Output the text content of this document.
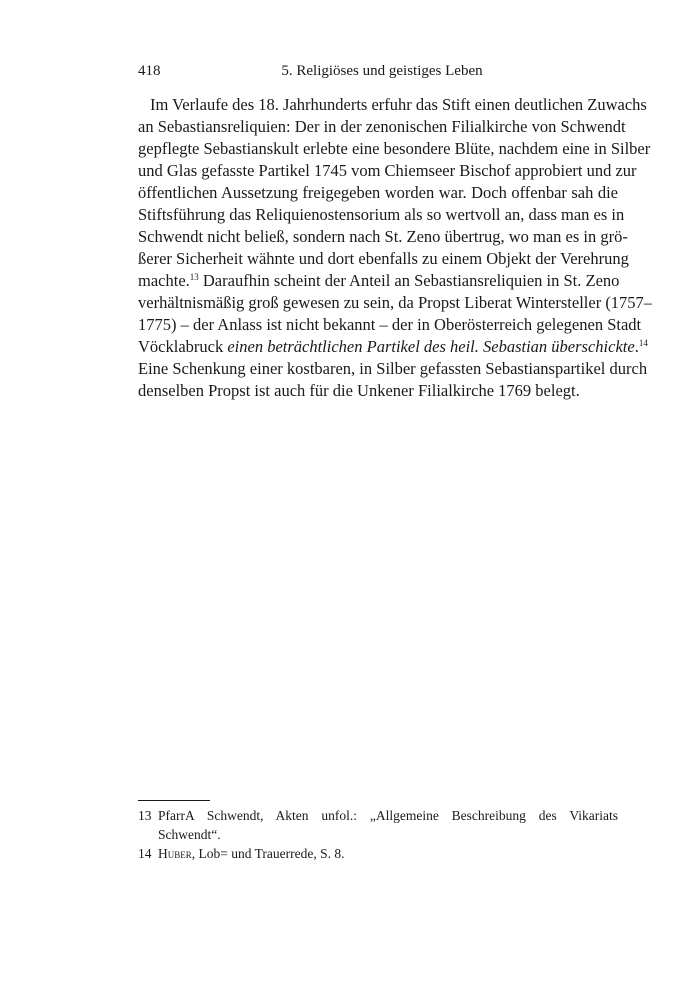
418	5. Religiöses und geistiges Leben
Im Verlaufe des 18. Jahrhunderts erfuhr das Stift einen deutlichen Zuwachs
an Sebastiansreliquien: Der in der zenonischen Filialkirche von Schwendt
gepflegte Sebastianskult erlebte eine besondere Blüte, nachdem eine in Silber
und Glas gefasste Partikel 1745 vom Chiemseer Bischof approbiert und zur
öffentlichen Aussetzung freigegeben worden war. Doch offenbar sah die
Stiftsführung das Reliquienostensorium als so wertvoll an, dass man es in
Schwendt nicht beließ, sondern nach St. Zeno übertrug, wo man es in grö-
ßerer Sicherheit wähnte und dort ebenfalls zu einem Objekt der Verehrung
machte.$^{13}$ Daraufhin scheint der Anteil an Sebastiansreliquien in St. Zeno
verhältnismäßig groß gewesen zu sein, da Propst Liberat Wintersteller (1757–
1775) – der Anlass ist nicht bekannt – der in Oberösterreich gelegenen Stadt
Vöcklabruck einen beträchtlichen Partikel des heil. Sebastian überschickte.$^{14}$
Eine Schenkung einer kostbaren, in Silber gefassten Sebastianspartikel durch
denselben Propst ist auch für die Unkener Filialkirche 1769 belegt.
13 PfarrA Schwendt, Akten unfol.: „Allgemeine Beschreibung des Vikariats
Schwendt“.
14 Huber, Lob= und Trauerrede, S. 8.
